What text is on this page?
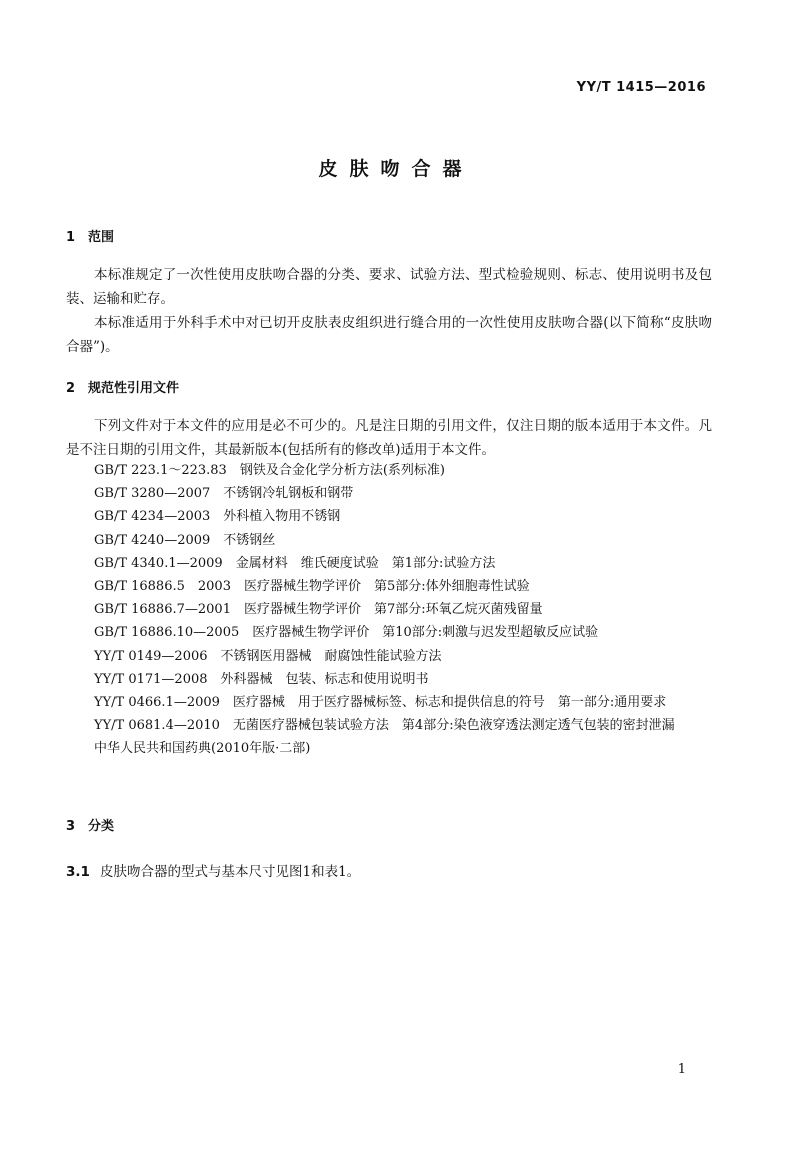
YY/T 1415—2016
皮肤吻合器
1 范围

本标准规定了一次性使用皮肤吻合器的分类、要求、试验方法、型式检验规则、标志、使用说明书及包装、运输和贮存。

本标准适用于外科手术中对已切开皮肤表皮组织进行缝合用的一次性使用皮肤吻合器(以下简称“皮肤吻合器”)。

2 规范性引用文件

下列文件对于本文件的应用是必不可少的。凡是注日期的引用文件，仅注日期的版本适用于本文件。凡是不注日期的引用文件，其最新版本(包括所有的修改单)适用于本文件。

GB/T 223.1～223.83　钢铁及合金化学分析方法(系列标准)
GB/T 3280—2007　不锈钢冷轧钢板和钢带
GB/T 4234—2003　外科植入物用不锈钢
GB/T 4240—2009　不锈钢丝
GB/T 4340.1—2009　金属材料　维氏硬度试验　第1部分:试验方法
GB/T 16886.5　2003　医疗器械生物学评价　第5部分:体外细胞毒性试验
GB/T 16886.7—2001　医疗器械生物学评价　第7部分:环氧乙烷灭菌残留量
GB/T 16886.10—2005　医疗器械生物学评价　第10部分:刺激与迟发型超敏反应试验
YY/T 0149—2006　不锈钢医用器械　耐腐蚀性能试验方法
YY/T 0171—2008　外科器械　包装、标志和使用说明书
YY/T 0466.1—2009　医疗器械　用于医疗器械标签、标志和提供信息的符号　第一部分:通用要求
YY/T 0681.4—2010　无菌医疗器械包装试验方法　第4部分:染色液穿透法测定透气包装的密封泄漏
中华人民共和国药典(2010年版·二部)
3 分类
3.1 皮肤吻合器的型式与基本尺寸见图1和表1。
1
